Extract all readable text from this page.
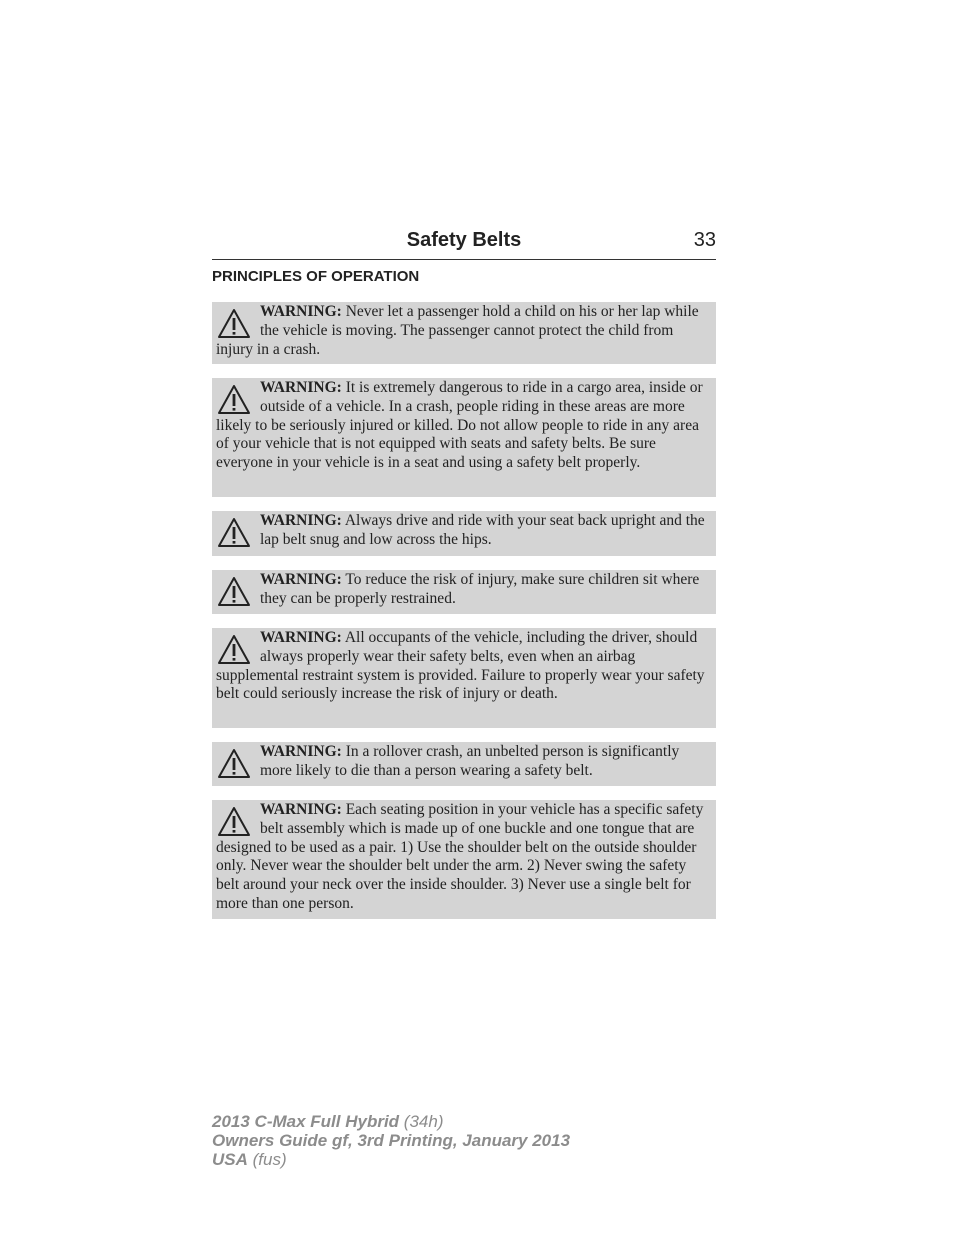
Safety Belts	33
PRINCIPLES OF OPERATION
WARNING: Never let a passenger hold a child on his or her lap while the vehicle is moving. The passenger cannot protect the child from injury in a crash.
WARNING: It is extremely dangerous to ride in a cargo area, inside or outside of a vehicle. In a crash, people riding in these areas are more likely to be seriously injured or killed. Do not allow people to ride in any area of your vehicle that is not equipped with seats and safety belts. Be sure everyone in your vehicle is in a seat and using a safety belt properly.
WARNING: Always drive and ride with your seat back upright and the lap belt snug and low across the hips.
WARNING: To reduce the risk of injury, make sure children sit where they can be properly restrained.
WARNING: All occupants of the vehicle, including the driver, should always properly wear their safety belts, even when an airbag supplemental restraint system is provided. Failure to properly wear your safety belt could seriously increase the risk of injury or death.
WARNING: In a rollover crash, an unbelted person is significantly more likely to die than a person wearing a safety belt.
WARNING: Each seating position in your vehicle has a specific safety belt assembly which is made up of one buckle and one tongue that are designed to be used as a pair. 1) Use the shoulder belt on the outside shoulder only. Never wear the shoulder belt under the arm. 2) Never swing the safety belt around your neck over the inside shoulder. 3) Never use a single belt for more than one person.
2013 C-Max Full Hybrid (34h)
Owners Guide gf, 3rd Printing, January 2013
USA (fus)
